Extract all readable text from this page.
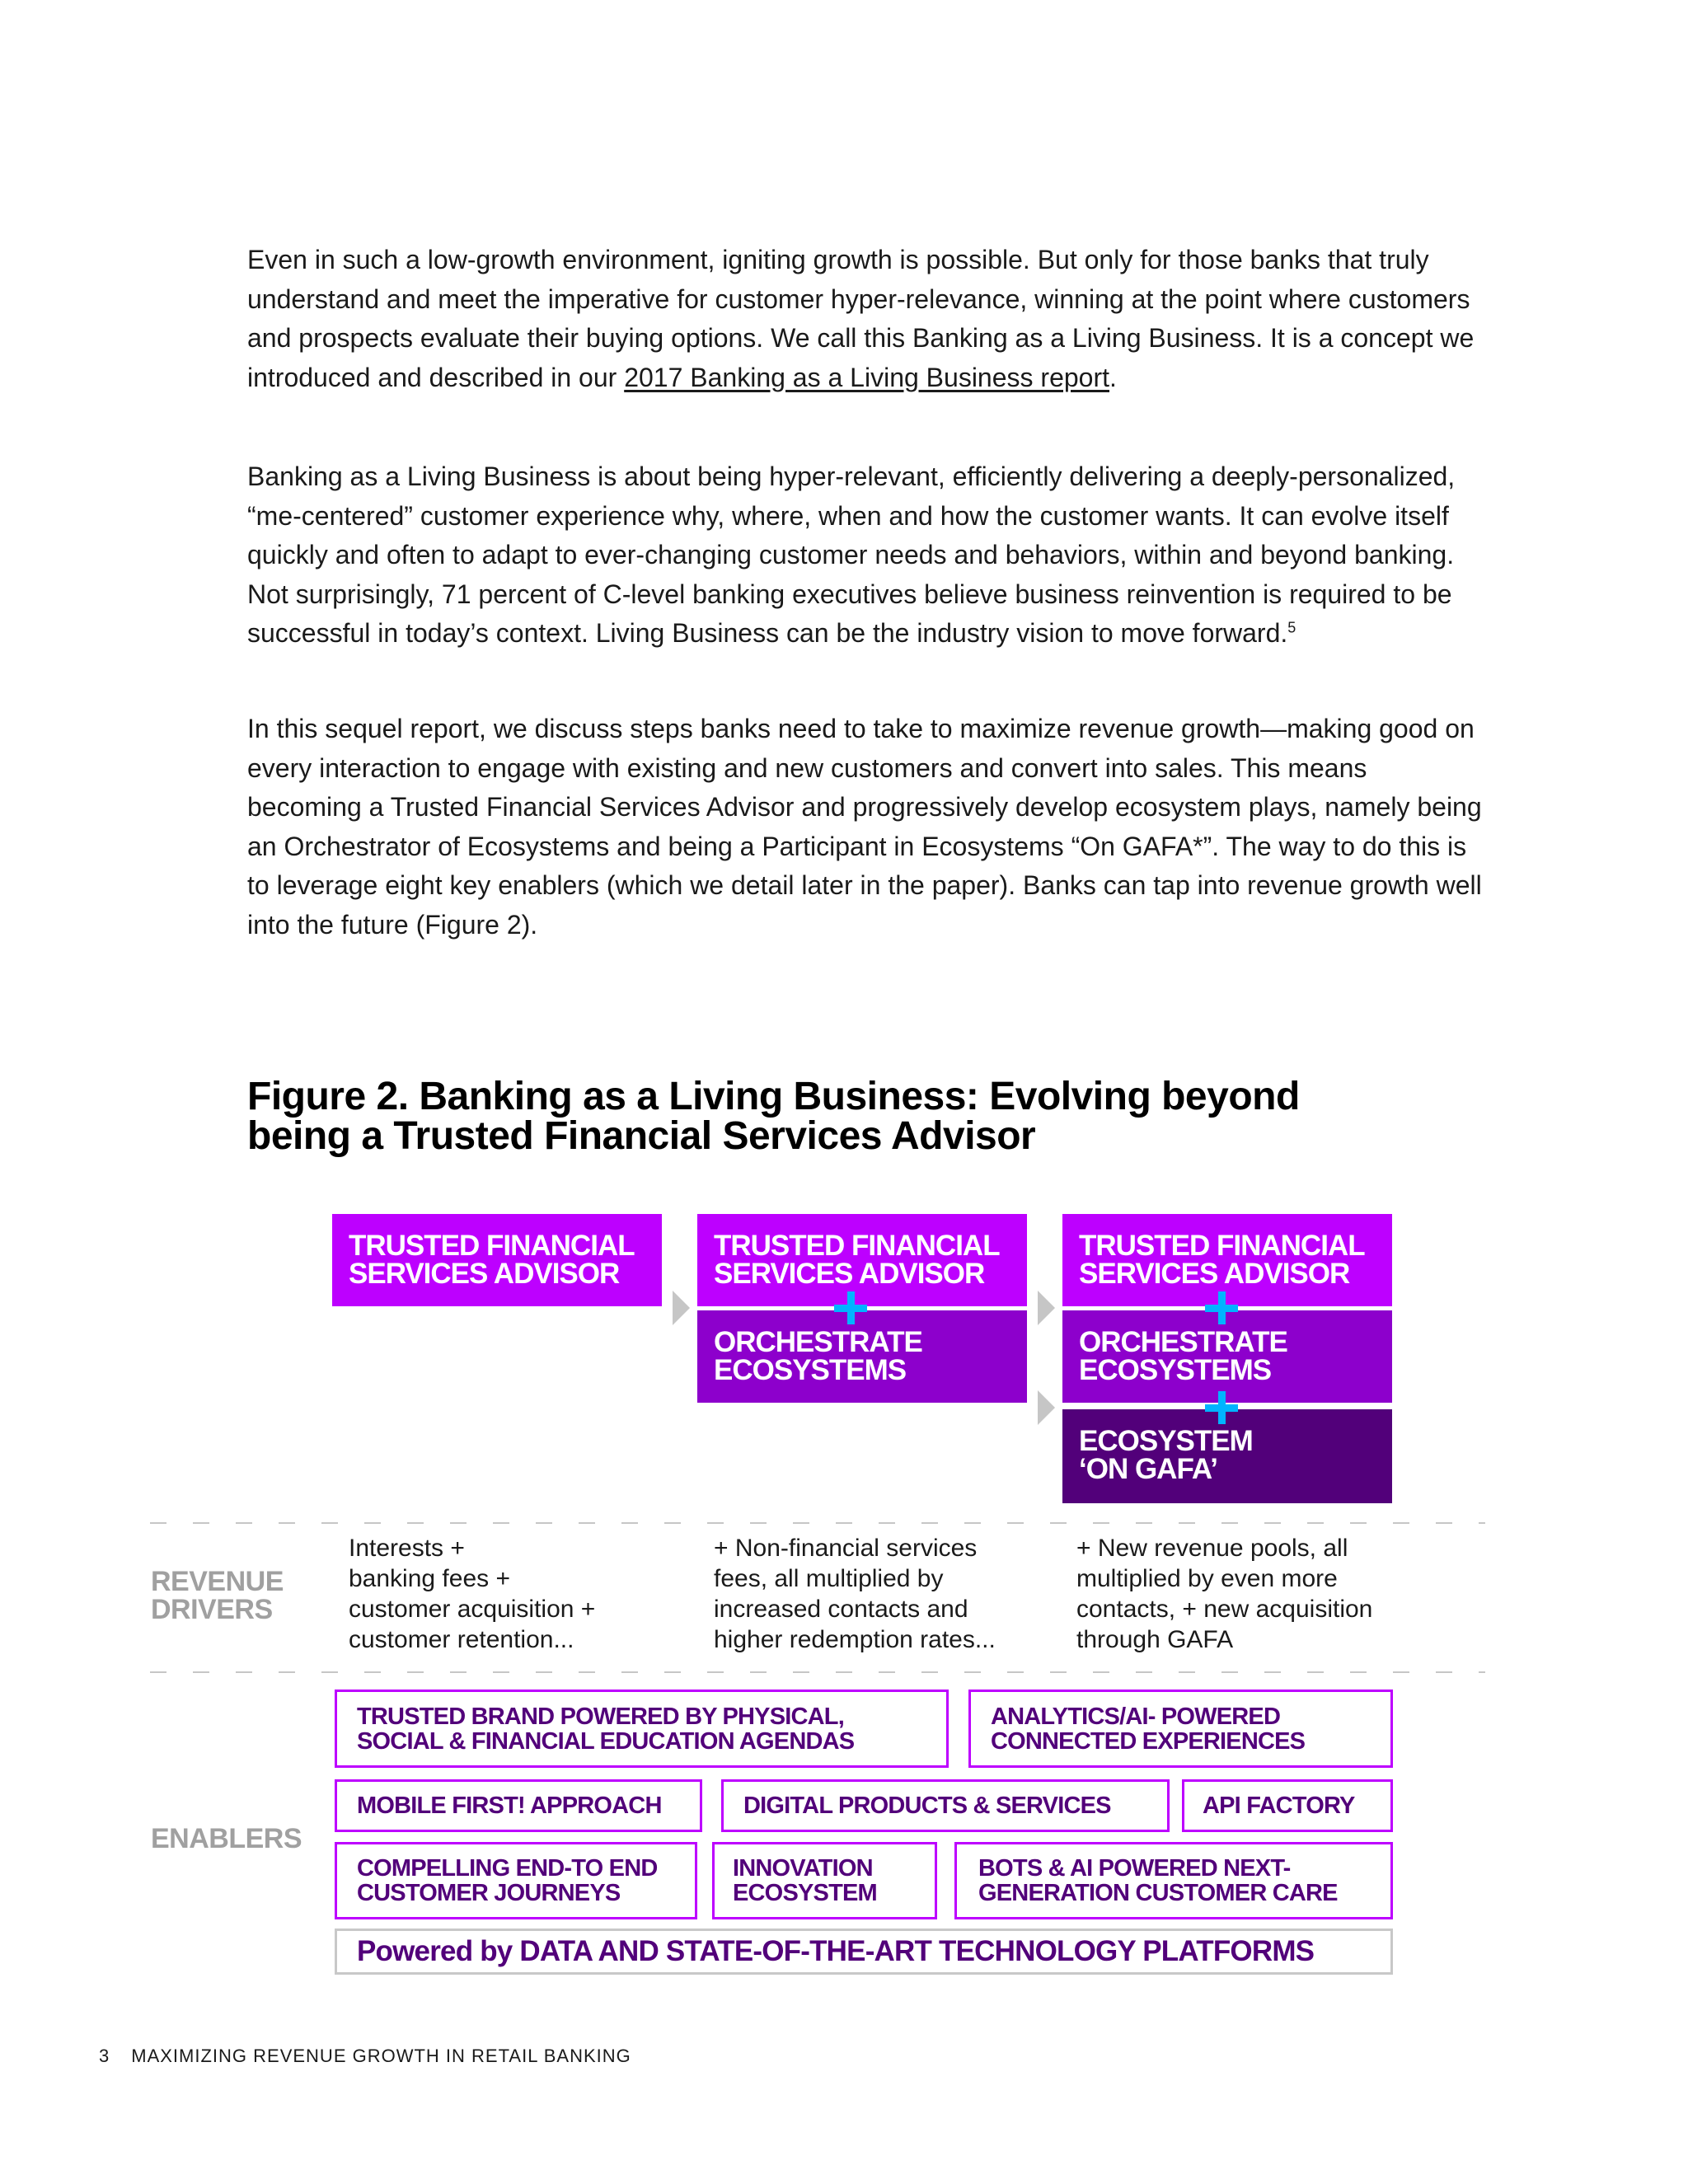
Even in such a low-growth environment, igniting growth is possible. But only for those banks that truly understand and meet the imperative for customer hyper-relevance, winning at the point where customers and prospects evaluate their buying options. We call this Banking as a Living Business. It is a concept we introduced and described in our 2017 Banking as a Living Business report.
Banking as a Living Business is about being hyper-relevant, efficiently delivering a deeply-personalized, “me-centered” customer experience why, where, when and how the customer wants. It can evolve itself quickly and often to adapt to ever-changing customer needs and behaviors, within and beyond banking. Not surprisingly, 71 percent of C-level banking executives believe business reinvention is required to be successful in today’s context. Living Business can be the industry vision to move forward.$^5$
In this sequel report, we discuss steps banks need to take to maximize revenue growth—making good on every interaction to engage with existing and new customers and convert into sales. This means becoming a Trusted Financial Services Advisor and progressively develop ecosystem plays, namely being an Orchestrator of Ecosystems and being a Participant in Ecosystems “On GAFA*”. The way to do this is to leverage eight key enablers (which we detail later in the paper). Banks can tap into revenue growth well into the future (Figure 2).
Figure 2. Banking as a Living Business: Evolving beyond
being a Trusted Financial Services Advisor
TRUSTED FINANCIAL
SERVICES ADVISOR
TRUSTED FINANCIAL
SERVICES ADVISOR
ORCHESTRATE
ECOSYSTEMS
TRUSTED FINANCIAL
SERVICES ADVISOR
ORCHESTRATE
ECOSYSTEMS
ECOSYSTEM
‘ON GAFA’
REVENUE
DRIVERS
Interests +
banking fees +
customer acquisition +
customer retention...
+ Non-financial services
fees, all multiplied by
increased contacts and
higher redemption rates...
+ New revenue pools, all
multiplied by even more
contacts, + new acquisition
through GAFA
ENABLERS
TRUSTED BRAND POWERED BY PHYSICAL,
SOCIAL & FINANCIAL EDUCATION AGENDAS
ANALYTICS/AI- POWERED
CONNECTED EXPERIENCES
MOBILE FIRST! APPROACH	DIGITAL PRODUCTS & SERVICES	API FACTORY
COMPELLING END-TO END
CUSTOMER JOURNEYS
INNOVATION
ECOSYSTEM
BOTS & AI POWERED NEXT-
GENERATION CUSTOMER CARE
Powered by DATA AND STATE-OF-THE-ART TECHNOLOGY PLATFORMS
3 MAXIMIZING REVENUE GROWTH IN RETAIL BANKING
